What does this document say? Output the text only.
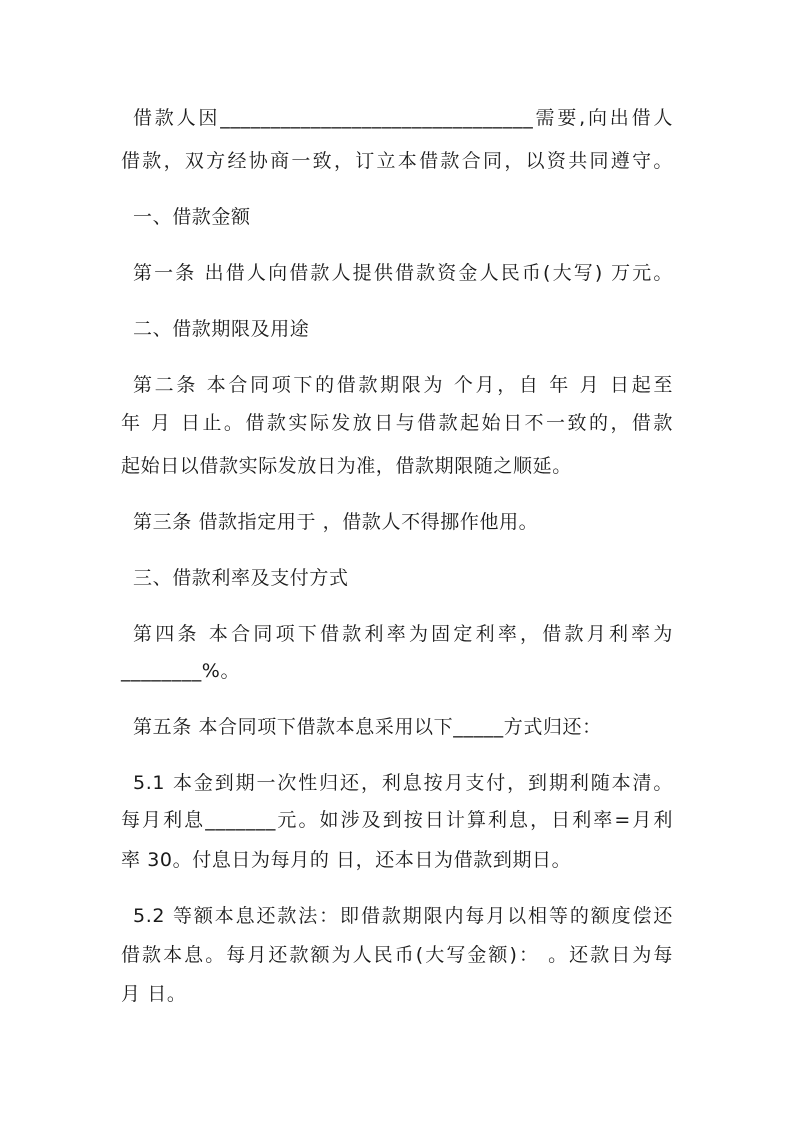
借款人因_______________________________需要,向出借人
借款，双方经协商一致，订立本借款合同，以资共同遵守。
一、借款金额
第一条 出借人向借款人提供借款资金人民币(大写) 万元。
二、借款期限及用途
第二条 本合同项下的借款期限为 个月，自 年 月 日起至
年 月 日止。借款实际发放日与借款起始日不一致的，借款
起始日以借款实际发放日为准，借款期限随之顺延。
第三条 借款指定用于 ，借款人不得挪作他用。
三、借款利率及支付方式
第四条 本合同项下借款利率为固定利率，借款月利率为
________%。
第五条 本合同项下借款本息采用以下_____方式归还：
5.1 本金到期一次性归还，利息按月支付，到期利随本清。
每月利息_______元。如涉及到按日计算利息，日利率=月利
率 30。付息日为每月的 日，还本日为借款到期日。
5.2 等额本息还款法：即借款期限内每月以相等的额度偿还
借款本息。每月还款额为人民币(大写金额)： 。还款日为每
月 日。
